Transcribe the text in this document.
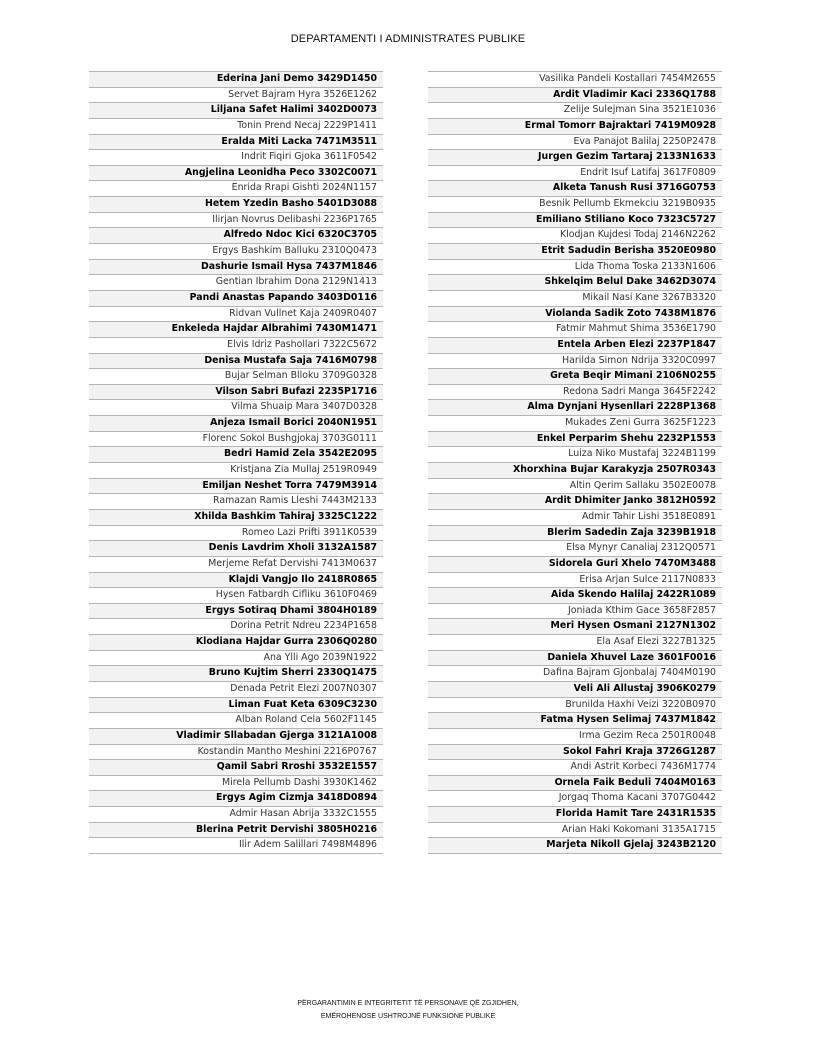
DEPARTAMENTI I ADMINISTRATES PUBLIKE
Ederina Jani Demo 3429D1450
Servet Bajram Hyra 3526E1262
Liljana Safet Halimi 3402D0073
Tonin Prend Necaj 2229P1411
Eralda Miti Lacka 7471M3511
Indrit Fiqiri Gjoka 3611F0542
Angjelina Leonidha Peco 3302C0071
Enrida Rrapi Gishti 2024N1157
Hetem Yzedin Basho 5401D3088
Ilirjan Novrus Delibashi 2236P1765
Alfredo Ndoc Kici 6320C3705
Ergys Bashkim Balluku 2310Q0473
Dashurie Ismail Hysa 7437M1846
Gentian Ibrahim Dona 2129N1413
Pandi Anastas Papando 3403D0116
Ridvan Vullnet Kaja 2409R0407
Enkeleda Hajdar Albrahimi 7430M1471
Elvis Idriz Pashollari 7322C5672
Denisa Mustafa Saja 7416M0798
Bujar Selman Blloku 3709G0328
Vilson Sabri Bufazi 2235P1716
Vilma Shuaip Mara 3407D0328
Anjeza Ismail Borici 2040N1951
Florenc Sokol Bushgjokaj 3703G0111
Bedri Hamid Zela 3542E2095
Kristjana Zia Mullaj 2519R0949
Emiljan Neshet Torra 7479M3914
Ramazan Ramis Lleshi 7443M2133
Xhilda Bashkim Tahiraj 3325C1222
Romeo Lazi Prifti 3911K0539
Denis Lavdrim Xholi 3132A1587
Merjeme Refat Dervishi 7413M0637
Klajdi Vangjo Ilo 2418R0865
Hysen Fatbardh Cifliku 3610F0469
Ergys Sotiraq Dhami 3804H0189
Dorina Petrit Ndreu 2234P1658
Klodiana Hajdar Gurra 2306Q0280
Ana Ylli Ago 2039N1922
Bruno Kujtim Sherri 2330Q1475
Denada Petrit Elezi 2007N0307
Liman Fuat Keta 6309C3230
Alban Roland Cela 5602F1145
Vladimir Sllabadan Gjerga 3121A1008
Kostandin Mantho Meshini 2216P0767
Qamil Sabri Rroshi 3532E1557
Mirela Pellumb Dashi 3930K1462
Ergys Agim Cizmja 3418D0894
Admir Hasan Abrija 3332C1555
Blerina Petrit Dervishi 3805H0216
Ilir Adem Salillari 7498M4896
Vasilika Pandeli Kostallari 7454M2655
Ardit Vladimir Kaci 2336Q1788
Zelije Sulejman Sina 3521E1036
Ermal Tomorr Bajraktari 7419M0928
Eva Panajot Balilaj 2250P2478
Jurgen Gezim Tartaraj 2133N1633
Endrit Isuf Latifaj 3617F0809
Alketa Tanush Rusi 3716G0753
Besnik Pellumb Ekmekciu 3219B0935
Emiliano Stiliano Koco 7323C5727
Klodjan Kujdesi Todaj 2146N2262
Etrit Sadudin Berisha 3520E0980
Lida Thoma Toska 2133N1606
Shkelqim Belul Dake 3462D3074
Mikail Nasi Kane 3267B3320
Violanda Sadik Zoto 7438M1876
Fatmir Mahmut Shima 3536E1790
Entela Arben Elezi 2237P1847
Harilda Simon Ndrija 3320C0997
Greta Beqir Mimani 2106N0255
Redona Sadri Manga 3645F2242
Alma Dynjani Hysenllari 2228P1368
Mukades Zeni Gurra 3625F1223
Enkel Perparim Shehu 2232P1553
Luiza Niko Mustafaj 3224B1199
Xhorxhina Bujar Karakyzja 2507R0343
Altin Qerim Sallaku 3502E0078
Ardit Dhimiter Janko 3812H0592
Admir Tahir Lishi 3518E0891
Blerim Sadedin Zaja 3239B1918
Elsa Mynyr Canaliaj 2312Q0571
Sidorela Guri Xhelo 7470M3488
Erisa Arjan Sulce 2117N0833
Aida Skendo Halilaj 2422R1089
Joniada Kthim Gace 3658F2857
Meri Hysen Osmani 2127N1302
Ela Asaf Elezi 3227B1325
Daniela Xhuvel Laze 3601F0016
Dafina Bajram Gjonbalaj 7404M0190
Veli Ali Allustaj 3906K0279
Brunilda Haxhi Veizi 3220B0970
Fatma Hysen Selimaj 7437M1842
Irma Gezim Reca 2501R0048
Sokol Fahri Kraja 3726G1287
Andi Astrit Korbeci 7436M1774
Ornela Faik Beduli 7404M0163
Jorgaq Thoma Kacani 3707G0442
Florida Hamit Tare 2431R1535
Arian Haki Kokomani 3135A1715
Marjeta Nikoll Gjelaj 3243B2120
PËRGARANTIMIN E INTEGRITETIT TË PERSONAVE QË ZGJIDHEN,
EMËROHENOSE USHTROJNË FUNKSIONE PUBLIKE
